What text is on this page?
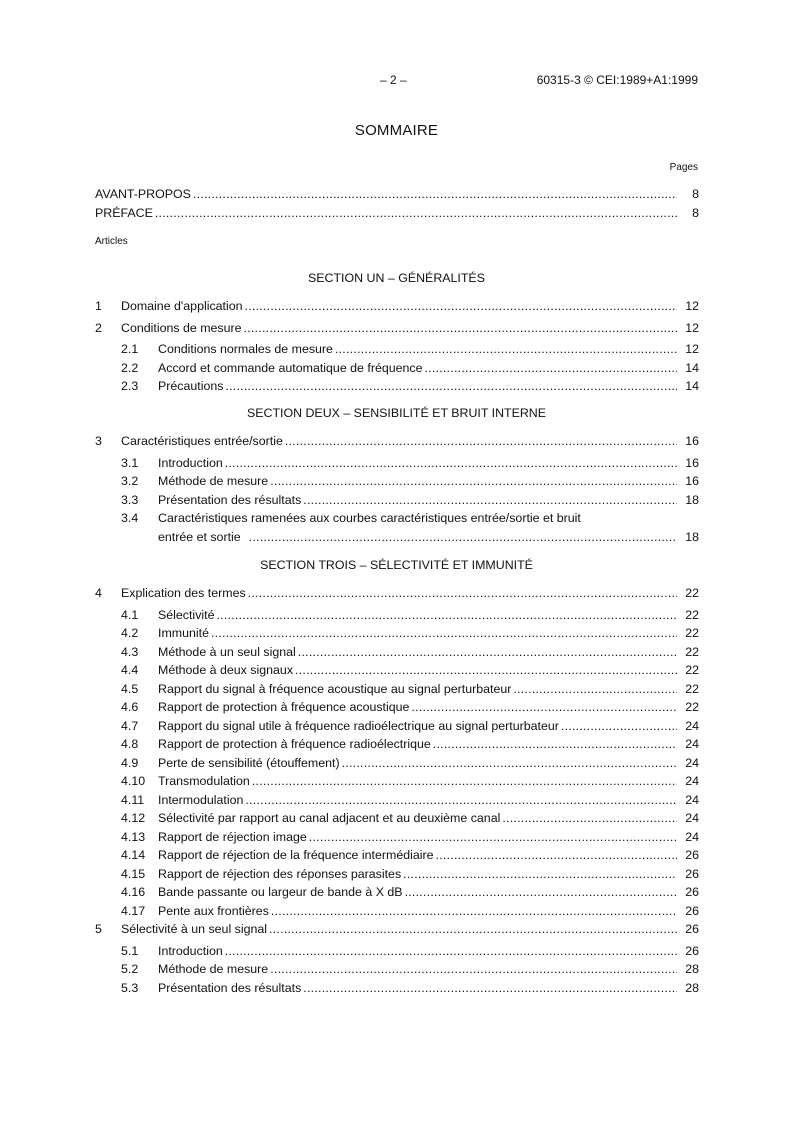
– 2 –	60315-3 © CEI:1989+A1:1999
SOMMAIRE
Pages
AVANT-PROPOS . . .	8
PRÉFACE . . .	8
Articles
SECTION UN – GÉNÉRALITÉS
1	Domaine d'application . . .	12
2	Conditions de mesure . . .	12
2.1	Conditions normales de mesure . . .	12
2.2	Accord et commande automatique de fréquence . . .	14
2.3	Précautions . . .	14
SECTION DEUX – SENSIBILITÉ ET BRUIT INTERNE
3	Caractéristiques entrée/sortie . . .	16
3.1	Introduction . . .	16
3.2	Méthode de mesure . . .	16
3.3	Présentation des résultats . . .	18
3.4	Caractéristiques ramenées aux courbes caractéristiques entrée/sortie et bruit
entrée et sortie . . .	18
SECTION TROIS – SÉLECTIVITÉ ET IMMUNITÉ
4	Explication des termes . . .	22
4.1	Sélectivité . . .	22
4.2	Immunité . . .	22
4.3	Méthode à un seul signal . . .	22
4.4	Méthode à deux signaux . . .	22
4.5	Rapport du signal à fréquence acoustique au signal perturbateur . . .	22
4.6	Rapport de protection à fréquence acoustique . . .	22
4.7	Rapport du signal utile à fréquence radioélectrique au signal perturbateur . . .	24
4.8	Rapport de protection à fréquence radioélectrique . . .	24
4.9	Perte de sensibilité (étouffement) . . .	24
4.10	Transmodulation . . .	24
4.11	Intermodulation . . .	24
4.12	Sélectivité par rapport au canal adjacent et au deuxième canal . . .	24
4.13	Rapport de réjection image . . .	24
4.14	Rapport de réjection de la fréquence intermédiaire . . .	26
4.15	Rapport de réjection des réponses parasites . . .	26
4.16	Bande passante ou largeur de bande à X dB . . .	26
4.17	Pente aux frontières . . .	26
5	Sélectivité à un seul signal . . .	26
5.1	Introduction . . .	26
5.2	Méthode de mesure . . .	28
5.3	Présentation des résultats . . .	28
